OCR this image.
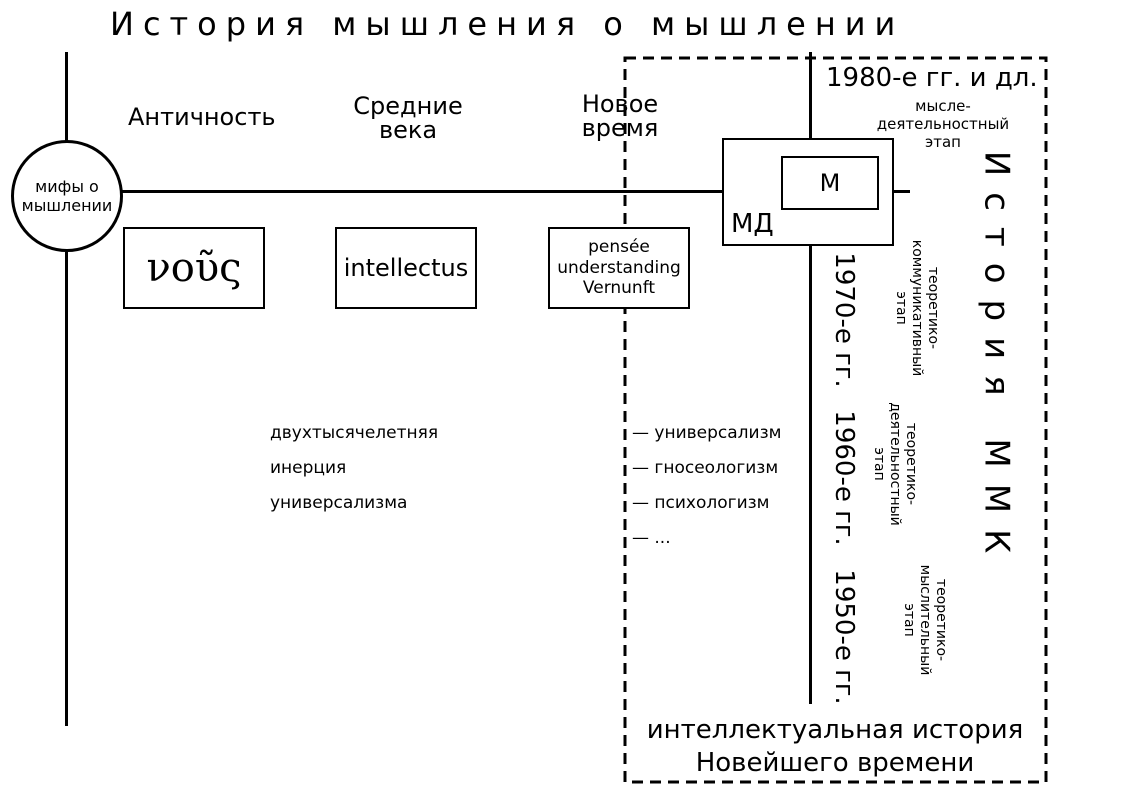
История мышления о мышлении
мифы о
мышлении
Античность	Средние
века
Новое
время
νοῦς	intellectus
pensée
understanding
Vernunft
двухтысячелетняя
инерция
универсализма
— универсализм
— гносеологизм
— психологизм
— ...
М
МД
1980-е гг. и дл.
мысле-
деятельностный
этап
1970-е гг.
1960-е гг.
1950-е гг.
теоретико-
коммуникативный
этап
теоретико-
деятельностный
этап
теоретико-
мыслительный
этап
История ММК
интеллектуальная история
Новейшего времени
